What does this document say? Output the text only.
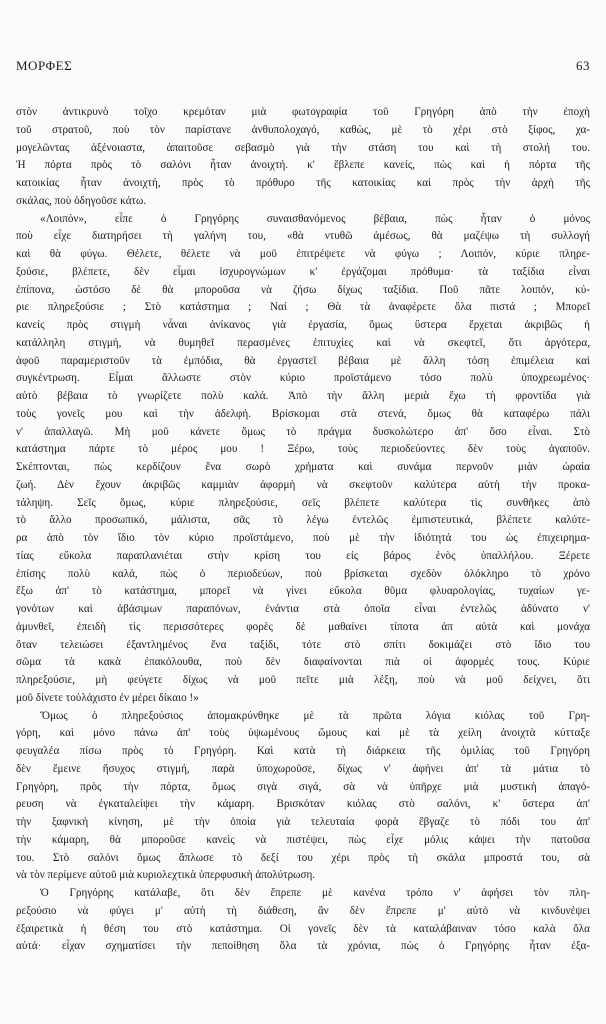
ΜΟΡΦΕΣ	63
στὸν ἀντικρυνὸ τοῖχο κρεμόταν μιὰ φωτογραφία τοῦ Γρηγόρη ἀπὸ τὴν ἐποχὴ
τοῦ στρατοῦ, ποὺ τὸν παρίστανε ἀνθυπολοχαγό, καθὼς, μὲ τὸ χέρι στὸ ξίφος, χα-
μογελῶντας ἀξένοιαστα, ἀπαιτοῦσε σεβασμὸ γιὰ τὴν στάση του καὶ τὴ στολή του.
Ἡ πόρτα πρὸς τὸ σαλόνι ἦταν ἀνοιχτή. κ' ἔβλεπε κανείς, πὼς καὶ ἡ πόρτα τῆς
κατοικίας ἦταν ἀνοιχτή, πρὸς τὸ πρόθυρο τῆς κατοικίας καὶ πρὸς τὴν ἀρχὴ τῆς
σκάλας, ποὺ ὁδηγοῦσε κάτω.
«Λοιπόν», εἶπε ὁ Γρηγόρης συναισθανόμενος βέβαια, πὼς ἦταν ὁ μόνος
ποὺ εἶχε διατηρήσει τὴ γαλήνη του, «θὰ ντυθῶ ἀμέσως, θὰ μαζέψω τὴ συλλογή
καὶ θὰ φύγω. Θέλετε, θέλετε νὰ μοῦ ἐπιτρέψετε νὰ φύγω ; Λοιπόν, κύριε πληρε-
ξούσιε, βλέπετε, δὲν εἶμαι ἰσχυρογνώμων κ' ἐργάζομαι πρόθυμα· τὰ ταξίδια εἶναι
ἐπίπονα, ὡστόσο δὲ θὰ μποροῦσα νὰ ζήσω δίχως ταξίδια. Ποῦ πᾶτε λοιπόν, κύ-
ριε πληρεξούσιε ; Στὸ κατάστημα ; Ναί ; Θὰ τὰ ἀναφέρετε ὅλα πιστά ; Μπορεῖ
κανείς πρὸς στιγμὴ νἆναι ἀνίκανος γιὰ ἐργασία, ὅμως ὕστερα ἔρχεται ἀκριβῶς ἡ
κατάλληλη στιγμή, νὰ θυμηθεῖ περασμένες ἐπιτυχίες καὶ νὰ σκεφτεῖ, ὅτι ἀργότερα,
ἀφοῦ παραμεριστοῦν τὰ ἐμπόδια, θὰ ἐργαστεῖ βέβαια μὲ ἄλλη τόση ἐπιμέλεια καὶ
συγκέντρωση. Εἶμαι ἄλλωστε στὸν κύριο προϊστάμενο τόσο πολὺ ὑποχρεωμένος·
αὐτὸ βέβαια τὸ γνωρίζετε πολὺ καλά. Ἀπὸ τὴν ἄλλη μεριὰ ἔχω τὴ φροντίδα γιὰ
τοὺς γονεῖς μου καὶ τὴν ἀδελφή. Βρίσκομαι στὰ στενά, ὅμως θὰ καταφέρω πάλι
ν' ἀπαλλαγῶ. Μὴ μοῦ κάνετε ὅμως τὸ πράγμα δυσκολώτερο ἀπ' ὅσο εἶναι. Στὸ
κατάστημα πάρτε τὸ μέρος μου ! Ξέρω, τοὺς περιοδεύοντες δὲν τοὺς ἀγαποῦν.
Σκέπτονται, πὼς κερδίζουν ἕνα σωρὸ χρήματα καὶ συνάμα περνοῦν μιὰν ὡραία
ζωή. Δὲν ἔχουν ἀκριβῶς καμμιὰν ἀφορμὴ νὰ σκεφτοῦν καλύτερα αὐτὴ τὴν προκα-
τάληψη. Σεῖς ὅμως, κύριε πληρεξούσιε, σεῖς βλέπετε καλύτερα τὶς συνθῆκες ἀπὸ
τὸ ἄλλο προσωπικό, μάλιστα, σᾶς τὸ λέγω ἐντελῶς ἐμπιστευτικά, βλέπετε καλύτε-
ρα ἀπὸ τὸν ἴδιο τὸν κύριο προϊστάμενο, ποὺ μὲ τὴν ἰδιότητά του ὡς ἐπιχειρημα-
τίας εὔκολα παραπλανιέται στὴν κρίση του εἰς βάρος ἑνὸς ὑπαλλήλου. Ξέρετε
ἐπίσης πολὺ καλά, πὼς ὁ περιοδεύων, ποὺ βρίσκεται σχεδὸν ὁλόκληρο τὸ χρόνο
ἔξω ἀπ' τὸ κατάστημα, μπορεῖ νὰ γίνει εὔκολα θῦμα φλυαρολογίας, τυχαίων γε-
γονότων καὶ ἀβάσιμων παραπόνων, ἐνάντια στὰ ὁποῖα εἶναι ἐντελῶς ἀδύνατο ν'
ἀμυνθεῖ, ἐπειδὴ τὶς περισσότερες φορὲς δὲ μαθαίνει τίποτα ἀπ αὐτὰ καὶ μονάχα
ὅταν τελειώσει ἐξαντλημένος ἕνα ταξίδι, τότε στὸ σπίτι δοκιμάζει στὸ ἴδιο του
σῶμα τὰ κακὰ ἐπακόλουθα, ποὺ δὲν διαφαίνονται πιὰ οἱ ἀφορμές τους. Κύριε
πληρεξούσιε, μὴ φεύγετε δίχως νὰ μοῦ πεῖτε μιὰ λέξη, ποὺ νὰ μοῦ δείχνει, ὅτι
μοῦ δίνετε τοὐλάχιστο ἐν μέρει δίκαιο !»
Ὅμως ὁ πληρεξούσιος ἀπομακρύνθηκε μὲ τὰ πρῶτα λόγια κιόλας τοῦ Γρη-
γόρη, καὶ μόνο πάνω ἀπ' τοὺς ὑψωμένους ὤμους καὶ μὲ τὰ χείλη ἀνοιχτὰ κύτταξε
φευγαλέα πίσω πρὸς τὸ Γρηγόρη. Καὶ κατὰ τὴ διάρκεια τῆς ὁμιλίας τοῦ Γρηγόρη
δὲν ἔμεινε ἥσυχος στιγμή, παρὰ ὑποχωροῦσε, δίχως ν' ἀφήνει ἀπ' τὰ μάτια τὸ
Γρηγόρη, πρὸς τὴν πόρτα, ὅμως σιγὰ σιγά, σὰ νὰ ὑπῆρχε μιὰ μυστικὴ ἀπαγό-
ρευση νὰ ἐγκαταλείψει τὴν κάμαρη. Βρισκόταν κιόλας στὸ σαλόνι, κ' ὕστερα ἀπ'
τὴν ξαφνικὴ κίνηση, μὲ τὴν ὁποία γιὰ τελευταία φορὰ ἔβγαζε τὸ πόδι του ἀπ'
τὴν κάμαρη, θὰ μποροῦσε κανεὶς νὰ πιστέψει, πὼς εἶχε μόλις κάψει τὴν πατοῦσα
του. Στὸ σαλόνι ὅμως ἅπλωσε τὸ δεξί του χέρι πρὸς τὴ σκάλα μπροστά του, σὰ
νὰ τὸν περίμενε αὐτοῦ μιὰ κυριολεχτικὰ ὑπερφυσικὴ ἀπολύτρωση.
Ὁ Γρηγόρης κατάλαβε, ὅτι δὲν ἔπρεπε μὲ κανένα τρόπο ν' ἀφήσει τὸν πλη-
ρεξούσιο νὰ φύγει μ' αὐτὴ τὴ διάθεση, ἂν δὲν ἔπρεπε μ' αὐτὸ νὰ κινδυνέψει
ἐξαιρετικὰ ἡ θέση του στὸ κατάστημα. Οἱ γονεῖς δὲν τὰ καταλάβαιναν τόσο καλὰ ὅλα
αὐτά· εἶχαν σχηματίσει τὴν πεποίθηση ὅλα τὰ χρόνια, πὼς ὁ Γρηγόρης ἦταν ἐξα-
